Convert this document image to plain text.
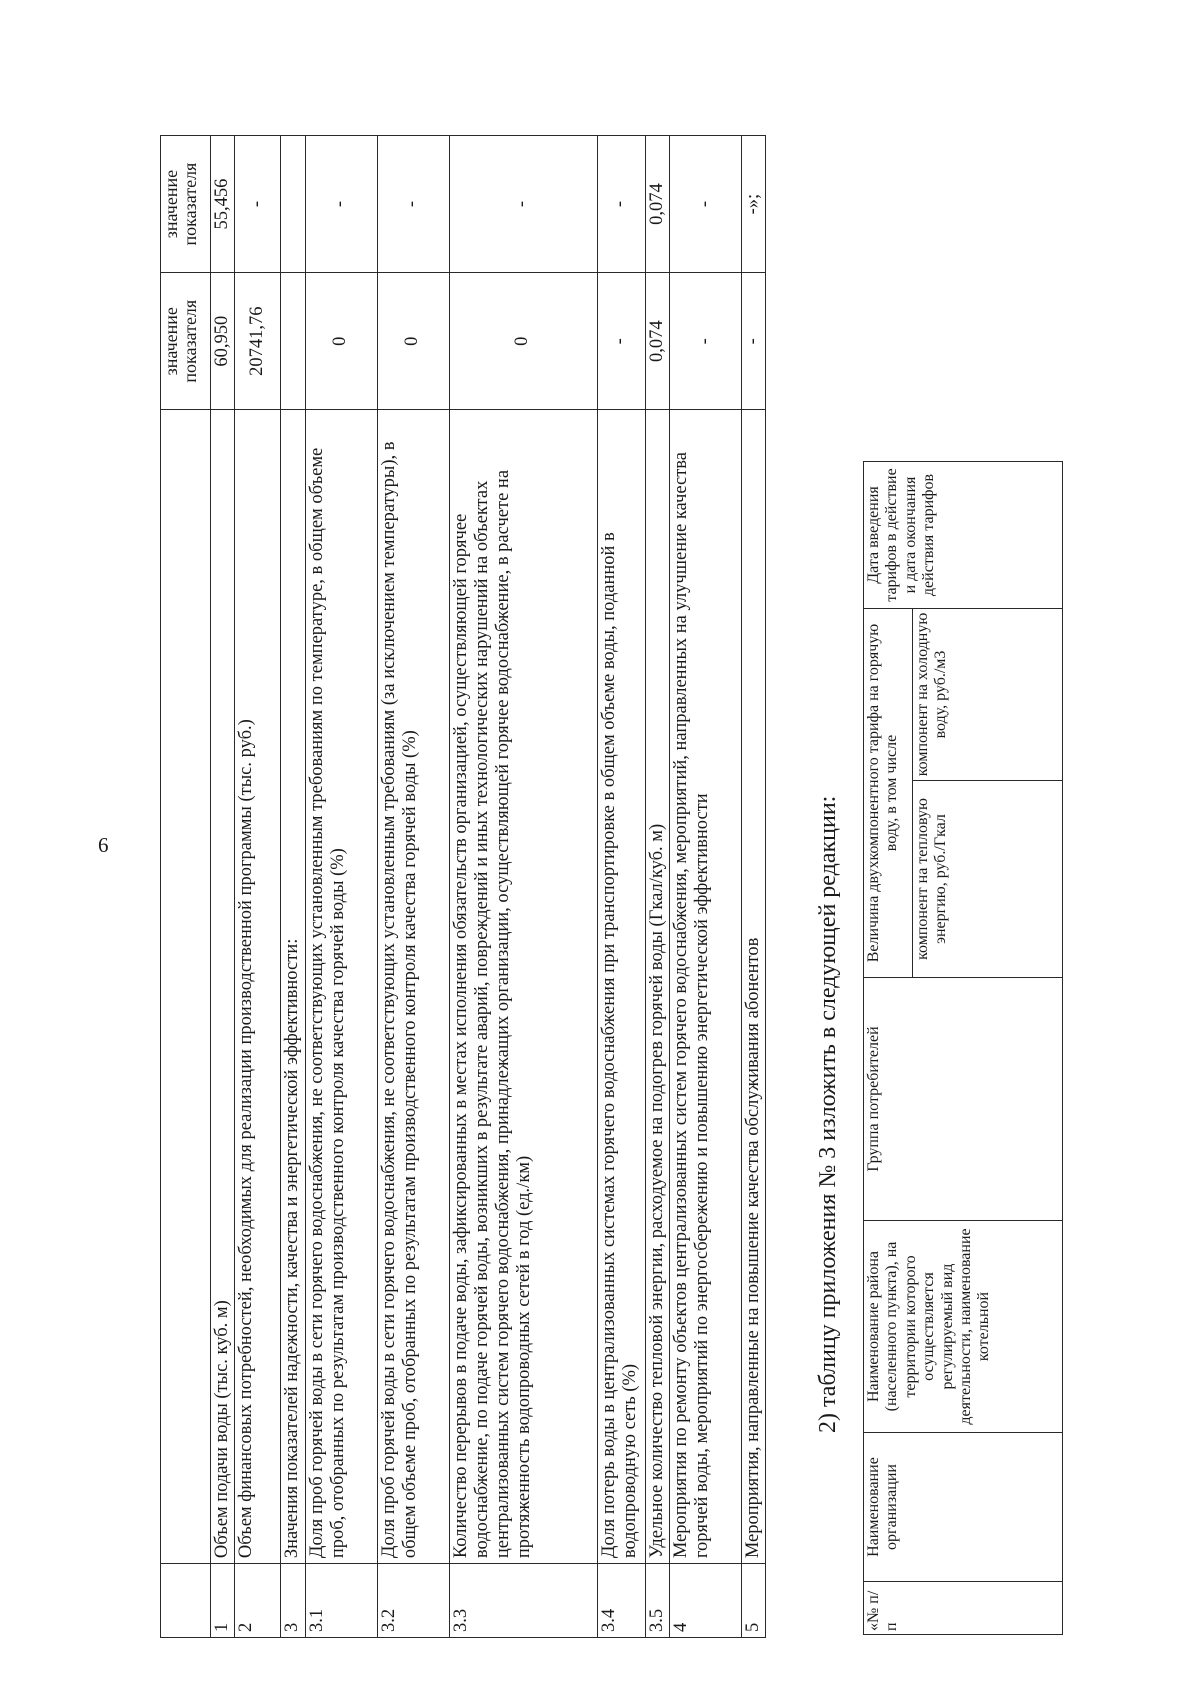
6
		значение показателя	значение показателя
1	Объем подачи воды (тыс. куб. м)	60,950	55,456
2	Объем финансовых потребностей, необходимых для реализации производственной программы (тыс. руб.)	20741,76	-
3	Значения показателей надежности, качества и энергетической эффективности:		
3.1	Доля проб горячей воды в сети горячего водоснабжения, не соответствующих установленным требованиям по температуре, в общем объеме проб, отобранных по результатам производственного контроля качества горячей воды (%)	0	-
3.2	Доля проб горячей воды в сети горячего водоснабжения, не соответствующих установленным требованиям (за исключением температуры), в общем объеме проб, отобранных по результатам производственного контроля качества горячей воды (%)	0	-
3.3	Количество перерывов в подаче воды, зафиксированных в местах исполнения обязательств организацией, осуществляющей горячее водоснабжение, по подаче горячей воды, возникших в результате аварий, повреждений и иных технологических нарушений на объектах централизованных систем горячего водоснабжения, принадлежащих организации, осуществляющей горячее водоснабжение, в расчете на протяженность водопроводных сетей в год (ед./км)	0	-
3.4	Доля потерь воды в централизованных системах горячего водоснабжения при транспортировке в общем объеме воды, поданной в водопроводную сеть (%)	-	-
3.5	Удельное количество тепловой энергии, расходуемое на подогрев горячей воды (Гкал/куб. м)	0,074	0,074
4	Мероприятия по ремонту объектов централизованных систем горячего водоснабжения, мероприятий, направленных на улучшение качества горячей воды, мероприятий по энергосбережению и повышению энергетической эффективности	-	-
5	Мероприятия, направленные на повышение качества обслуживания абонентов	-	-»;
2) таблицу приложения № 3 изложить в следующей редакции:
«№ п/п	Наименование организации	Наименование района (населенного пункта), на территории которого осуществляется регулируемый вид деятельности, наименование котельной	Группа потребителей	Величина двухкомпонентного тарифа на горячую воду, в том числе		Дата введения тарифов в действие и дата окончания действия тарифов
				компонент на тепловую энергию, руб./Гкал	компонент на холодную воду, руб./м3	
